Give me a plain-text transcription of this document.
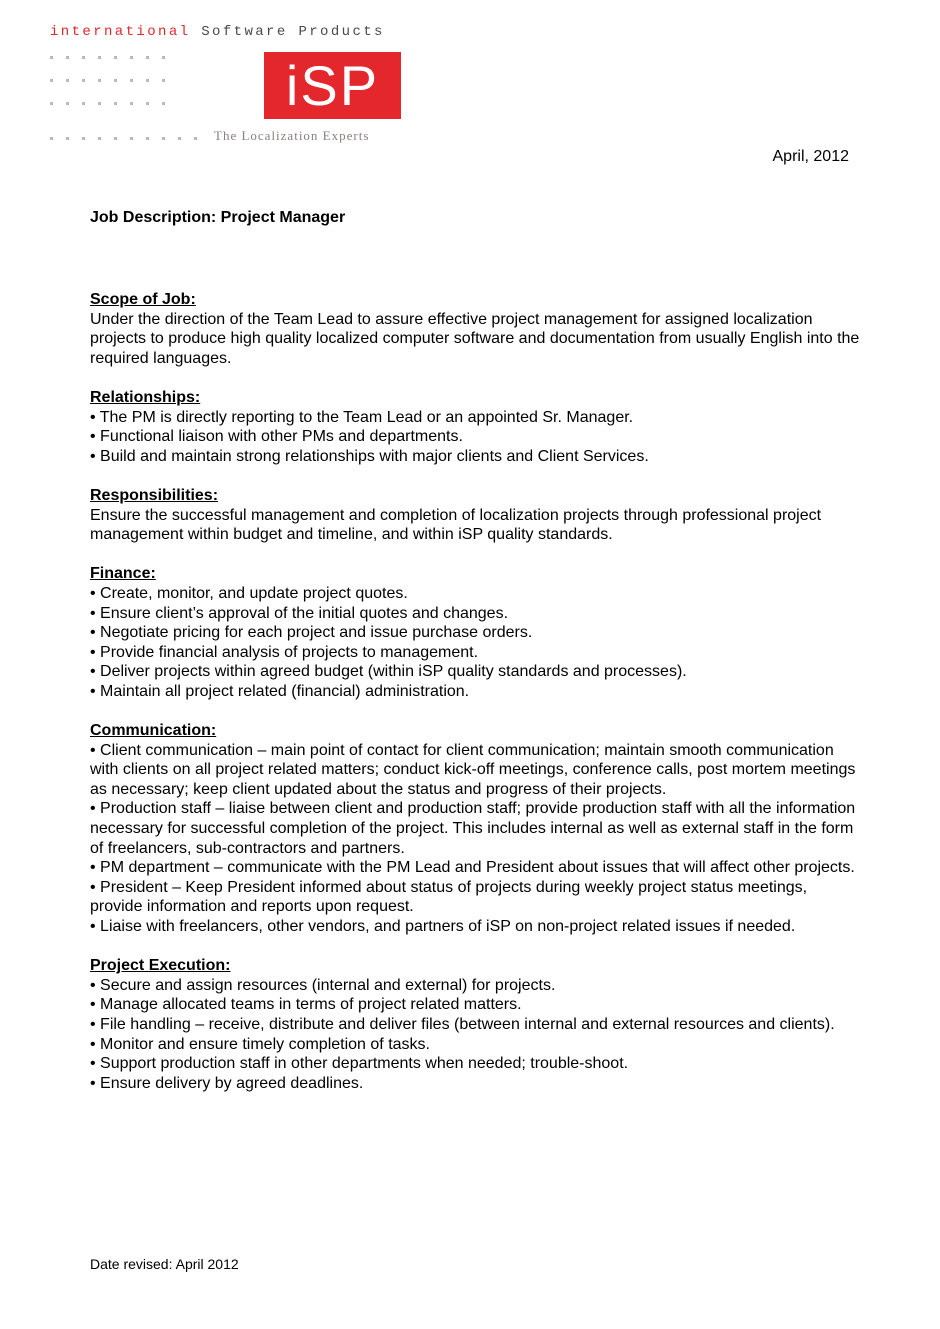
international Software Products
iSP
The Localization Experts
April, 2012
Job Description: Project Manager
Scope of Job:

Under the direction of the Team Lead to assure effective project management for assigned localization projects to produce high quality localized computer software and documentation from usually English into the required languages.

Relationships:

• The PM is directly reporting to the Team Lead or an appointed Sr. Manager.

• Functional liaison with other PMs and departments.

• Build and maintain strong relationships with major clients and Client Services.

Responsibilities:

Ensure the successful management and completion of localization projects through professional project management within budget and timeline, and within iSP quality standards.

Finance:

• Create, monitor, and update project quotes.

• Ensure client’s approval of the initial quotes and changes.

• Negotiate pricing for each project and issue purchase orders.

• Provide financial analysis of projects to management.

• Deliver projects within agreed budget (within iSP quality standards and processes).

• Maintain all project related (financial) administration.

Communication:

• Client communication – main point of contact for client communication; maintain smooth communication with clients on all project related matters; conduct kick-off meetings, conference calls, post mortem meetings as necessary; keep client updated about the status and progress of their projects.

• Production staff – liaise between client and production staff; provide production staff with all the information necessary for successful completion of the project. This includes internal as well as external staff in the form of freelancers, sub-contractors and partners.

• PM department – communicate with the PM Lead and President about issues that will affect other projects.

• President – Keep President informed about status of projects during weekly project status meetings, provide information and reports upon request.

• Liaise with freelancers, other vendors, and partners of iSP on non-project related issues if needed.

Project Execution:

• Secure and assign resources (internal and external) for projects.

• Manage allocated teams in terms of project related matters.

• File handling – receive, distribute and deliver files (between internal and external resources and clients).

• Monitor and ensure timely completion of tasks.

• Support production staff in other departments when needed; trouble-shoot.

• Ensure delivery by agreed deadlines.

Date revised: April 2012
